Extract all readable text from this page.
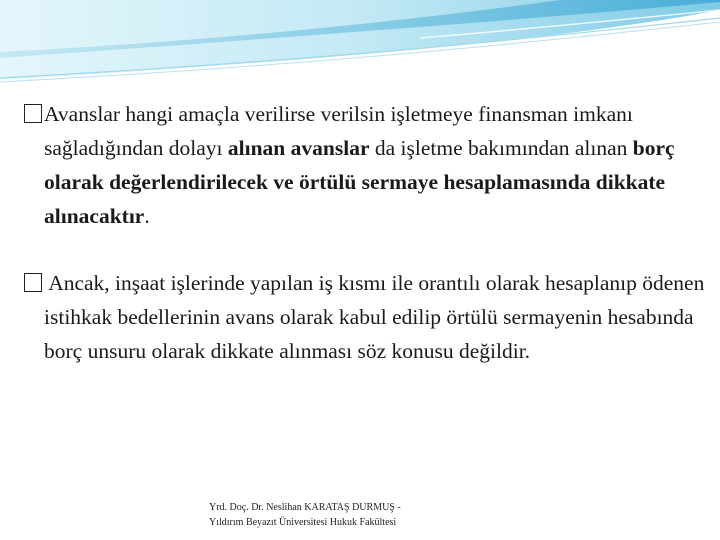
Avanslar hangi amaçla verilirse verilsin işletmeye finansman imkanı sağladığından dolayı alınan avanslar da işletme bakımından alınan borç olarak değerlendirilecek ve örtülü sermaye hesaplamasında dikkate alınacaktır.

Ancak, inşaat işlerinde yapılan iş kısmı ile orantılı olarak hesaplanıp ödenen istihkak bedellerinin avans olarak kabul edilip örtülü sermayenin hesabında borç unsuru olarak dikkate alınması söz konusu değildir.

Yrd. Doç. Dr. Neslihan KARATAŞ DURMUŞ -
Yıldırım Beyazıt Üniversitesi Hukuk Fakültesi
